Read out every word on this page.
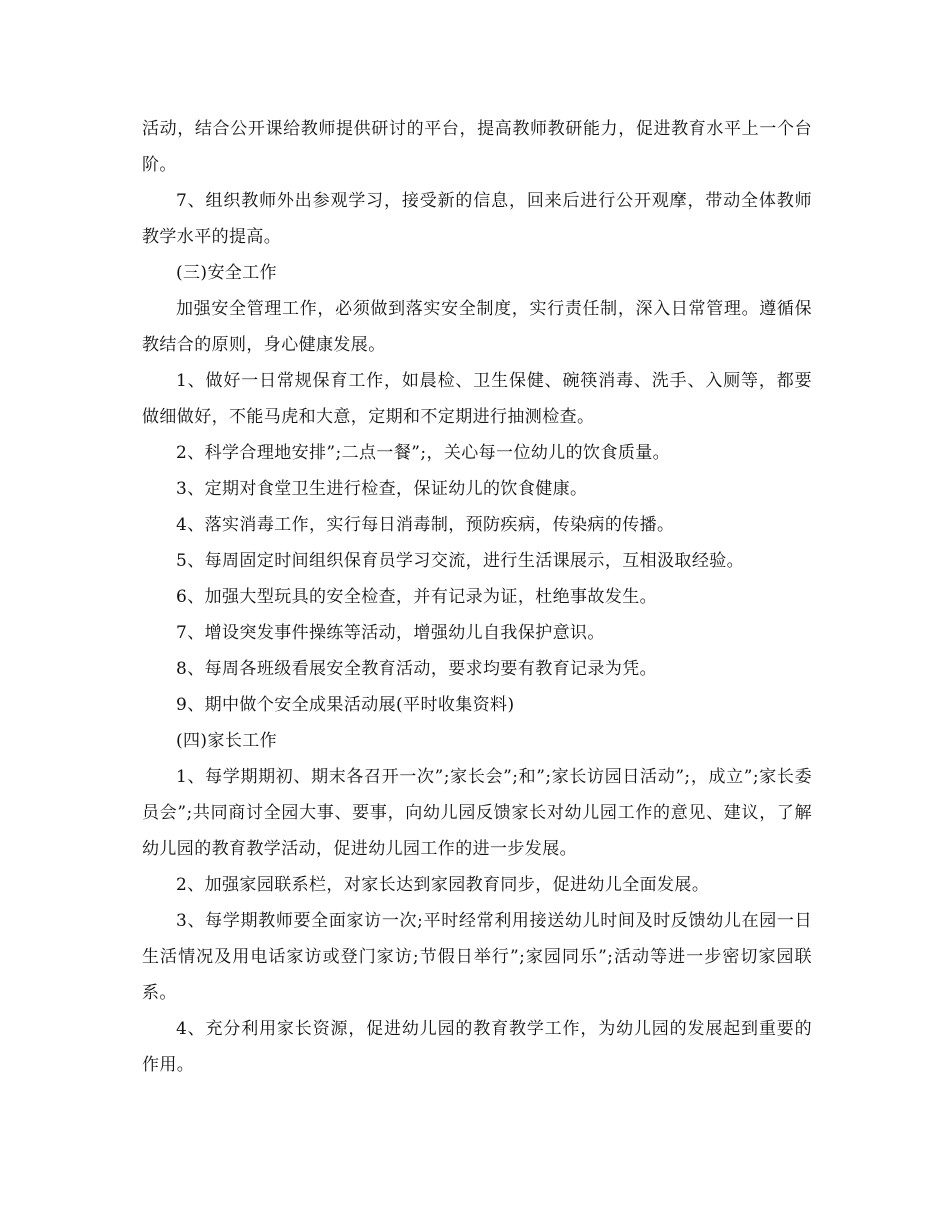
活动，结合公开课给教师提供研讨的平台，提高教师教研能力，促进教育水平上一个台阶。

7、组织教师外出参观学习，接受新的信息，回来后进行公开观摩，带动全体教师教学水平的提高。

(三)安全工作

加强安全管理工作，必须做到落实安全制度，实行责任制，深入日常管理。遵循保教结合的原则，身心健康发展。

1、做好一日常规保育工作，如晨检、卫生保健、碗筷消毒、洗手、入厕等，都要做细做好，不能马虎和大意，定期和不定期进行抽测检查。

2、科学合理地安排”;二点一餐”;，关心每一位幼儿的饮食质量。

3、定期对食堂卫生进行检查，保证幼儿的饮食健康。

4、落实消毒工作，实行每日消毒制，预防疾病，传染病的传播。

5、每周固定时间组织保育员学习交流，进行生活课展示，互相汲取经验。

6、加强大型玩具的安全检查，并有记录为证，杜绝事故发生。

7、增设突发事件操练等活动，增强幼儿自我保护意识。

8、每周各班级看展安全教育活动，要求均要有教育记录为凭。

9、期中做个安全成果活动展(平时收集资料)

(四)家长工作

1、每学期期初、期末各召开一次”;家长会”;和”;家长访园日活动”;，成立”;家长委员会”;共同商讨全园大事、要事，向幼儿园反馈家长对幼儿园工作的意见、建议，了解幼儿园的教育教学活动，促进幼儿园工作的进一步发展。

2、加强家园联系栏，对家长达到家园教育同步，促进幼儿全面发展。

3、每学期教师要全面家访一次;平时经常利用接送幼儿时间及时反馈幼儿在园一日生活情况及用电话家访或登门家访;节假日举行”;家园同乐”;活动等进一步密切家园联系。

4、充分利用家长资源，促进幼儿园的教育教学工作，为幼儿园的发展起到重要的作用。
